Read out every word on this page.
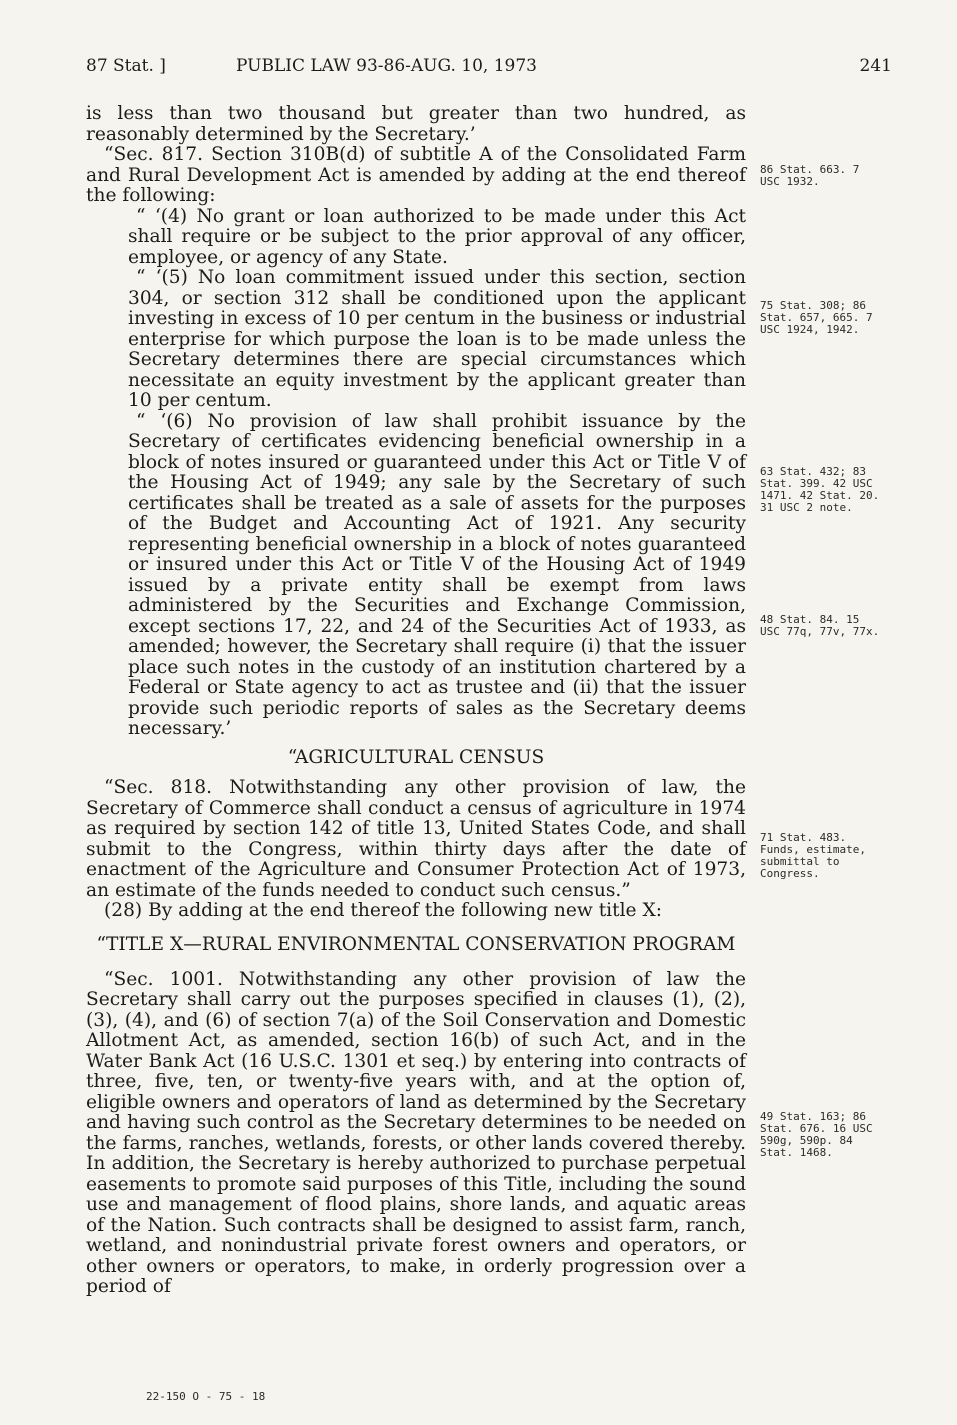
87 Stat. ]	PUBLIC LAW 93-86-AUG. 10, 1973	241

is less than two thousand but greater than two hundred, as reasonably determined by the Secretary.’

“Sec. 817. Section 310B(d) of subtitle A of the Consolidated Farm and Rural Development Act is amended by adding at the end thereof the following:

“ ‘(4) No grant or loan authorized to be made under this Act shall require or be subject to the prior approval of any officer, employee, or agency of any State.

“ ‘(5) No loan commitment issued under this section, section 304, or section 312 shall be conditioned upon the applicant investing in excess of 10 per centum in the business or industrial enterprise for which purpose the loan is to be made unless the Secretary determines there are special circumstances which necessitate an equity investment by the applicant greater than 10 per centum.

“ ‘(6) No provision of law shall prohibit issuance by the Secretary of certificates evidencing beneficial ownership in a block of notes insured or guaranteed under this Act or Title V of the Housing Act of 1949; any sale by the Secretary of such certificates shall be treated as a sale of assets for the purposes of the Budget and Accounting Act of 1921. Any security representing beneficial ownership in a block of notes guaranteed or insured under this Act or Title V of the Housing Act of 1949 issued by a private entity shall be exempt from laws administered by the Securities and Exchange Commission, except sections 17, 22, and 24 of the Securities Act of 1933, as amended; however, the Secretary shall require (i) that the issuer place such notes in the custody of an institution chartered by a Federal or State agency to act as trustee and (ii) that the issuer provide such periodic reports of sales as the Secretary deems necessary.’

“AGRICULTURAL CENSUS

“Sec. 818. Notwithstanding any other provision of law, the Secretary of Commerce shall conduct a census of agriculture in 1974 as required by section 142 of title 13, United States Code, and shall submit to the Congress, within thirty days after the date of enactment of the Agriculture and Consumer Protection Act of 1973, an estimate of the funds needed to conduct such census.”

(28) By adding at the end thereof the following new title X:

“TITLE X—RURAL ENVIRONMENTAL CONSERVATION PROGRAM

“Sec. 1001. Notwithstanding any other provision of law the Secretary shall carry out the purposes specified in clauses (1), (2), (3), (4), and (6) of section 7(a) of the Soil Conservation and Domestic Allotment Act, as amended, section 16(b) of such Act, and in the Water Bank Act (16 U.S.C. 1301 et seq.) by entering into contracts of three, five, ten, or twenty-five years with, and at the option of, eligible owners and operators of land as determined by the Secretary and having such control as the Secretary determines to be needed on the farms, ranches, wetlands, forests, or other lands covered thereby. In addition, the Secretary is hereby authorized to purchase perpetual easements to promote said purposes of this Title, including the sound use and management of flood plains, shore lands, and aquatic areas of the Nation. Such contracts shall be designed to assist farm, ranch, wetland, and nonindustrial private forest owners and operators, or other owners or operators, to make, in orderly progression over a period of

86 Stat. 663. 7 USC 1932.
75 Stat. 308; 86 Stat. 657, 665. 7 USC 1924, 1942.
63 Stat. 432; 83 Stat. 399. 42 USC 1471. 42 Stat. 20. 31 USC 2 note.
48 Stat. 84. 15 USC 77q, 77v, 77x.
71 Stat. 483. Funds, estimate, submittal to Congress.
49 Stat. 163; 86 Stat. 676. 16 USC 590g, 590p. 84 Stat. 1468.
22-150 O - 75 - 18
